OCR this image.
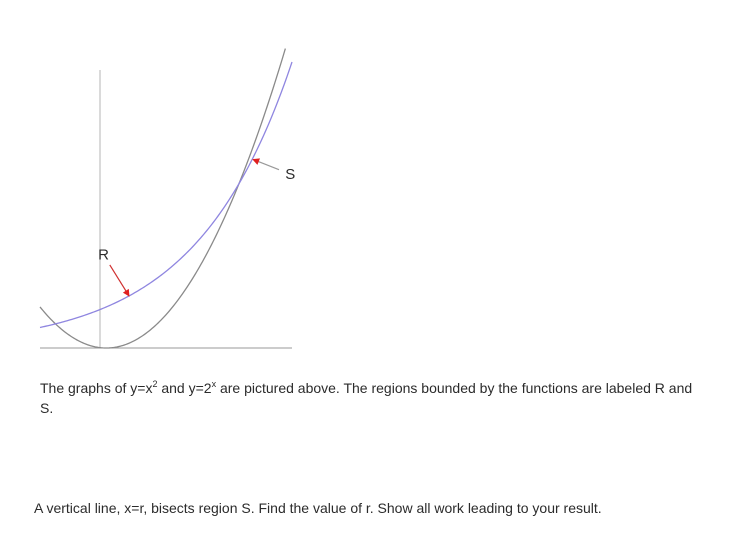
R
S
The graphs of $y=x^2$ and $y=2^x$ are pictured above. The regions bounded by the functions are labeled R and S.
A vertical line, x=r, bisects region S. Find the value of r. Show all work leading to your result.
